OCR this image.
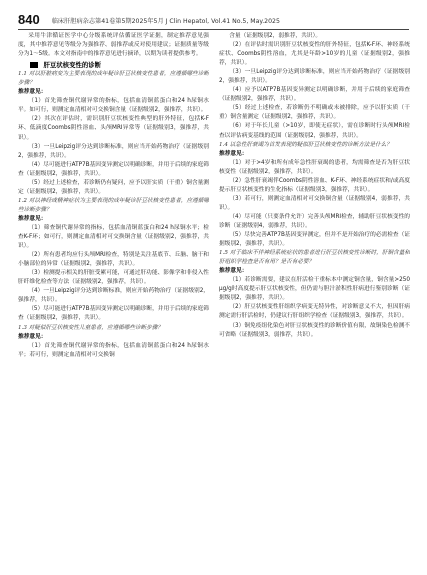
840 临床肝胆病杂志第41卷第5期2025年5月 J Clin Hepatol, Vol.41 No.5, May.2025

采用牛津循证医学中心分级系统评估循证医学证据，制定推荐意见强度，其中推荐意见等级分为强推荐、弱推荐或反对使用建议；证据质量等级分为1～5级。本文对指南中的推荐意见进行摘译，以期为读者提供参考。

肝豆状核变性的诊断

1.1 对以肝脏病变为主要表现的成年疑诊肝豆状核变性患者，应遵循哪些诊断步骤？

推荐意见：

（1）首先筛查铜代谢异常的指标，包括血清铜蓝蛋白和24 h尿铜水平。如可行，则测定血清相对可交换铜含量（证据级别2，强推荐，共识）。

（2）其次在评估时，需识别肝豆状核变性典型的肝外特征，包括K-F环、低滴度Coombs阴性溶血、头颅MRI异常等（证据级别3，强推荐，共识）。

（3）一旦Leipzig评分达到诊断标准，则应当开始药物治疗（证据级别2，强推荐，共识）。

（4）尽可能进行ATP7B基因变异测定以明确诊断，并用于后续的家庭筛查（证据级别2，强推荐，共识）。

（5）经过上述检查，若诊断仍有疑问，应予以肝实质（干重）铜含量测定（证据级别2，强推荐，共识）。

1.2 对以神经或精神症状为主要表现的成年疑诊肝豆状核变性患者，应遵循哪些诊断步骤？

推荐意见：

（1）筛查铜代谢异常的指标，包括血清铜蓝蛋白和24 h尿铜水平；检查K-F环；如可行，则测定血清相对可交换铜含量（证据级别2，强推荐，共识）。

（2）所有患者均应行头颅MRI检查，特别是关注基底节、丘脑、脑干和小脑部位的异常（证据级别2，强推荐，共识）。

（3）检测提示相关的肝脏受累可能，可通过肝功能、影像学和非侵入性肝纤维化检查等方法（证据级别2，强推荐，共识）。

（4）一旦Leipzig评分达到诊断标准，则应开始药物治疗（证据级别2，强推荐，共识）。

（5）尽可能进行ATP7B基因变异测定以明确诊断，并用于后续的家庭筛查（证据级别2，强推荐，共识）。

1.3 对疑似肝豆状核变性儿童患者，应遵循哪些诊断步骤？

推荐意见：

（1）首先筛查铜代谢异常的指标，包括血清铜蓝蛋白和24 h尿铜水平；若可行，则测定血清相对可交换铜

含量（证据级别2，弱推荐，共识）。

（2）在评估时需识别肝豆状核变性的肝外特征，包括K-F环、神经系统症状、Coombs阴性溶血，尤其是年龄>10岁的儿童（证据级别2，强推荐，共识）。

（3）一旦Leipzig评分达到诊断标准，则应当开始药物治疗（证据级别2，强推荐，共识）。

（4）应予以ATP7B基因变异测定以明确诊断，并用于后续的家庭筛查（证据级别2，强推荐，共识）。

（5）经过上述检查，若诊断仍不明确或未被排除，应予以肝实质（干重）铜含量测定（证据级别2，强推荐，共识）。

（6）对于年长儿童（>10岁，即使无症状），需在诊断时行头颅MRI检查以评估病变基线的范围（证据级别2，强推荐，共识）。

1.4 以急性肝衰竭为首发表现的疑似肝豆状核变性的诊断方法是什么？

推荐意见：

（1）对于>4岁和所有成年急性肝衰竭的患者，均需筛查是否为肝豆状核变性（证据级别2，强推荐，共识）。

（2）急性肝衰竭伴Coombs阴性溶血、K-F环、神经系统症状和/或高度提示肝豆状核变性的生化指标（证据级别3，强推荐，共识）。

（3）若可行，则测定血清相对可交换铜含量（证据级别4，弱推荐，共识）。

（4）尽可能（只要条件允许）完善头颅MRI检查，辅助肝豆状核变性的诊断（证据级别4，弱推荐，共识）。

（5）尽快完善ATP7B基因变异测定，但并不是开始治疗的必需检查（证据级别2，强推荐，共识）。

1.5 对于临床不伴神经系统症状的患者进行肝豆状核变性诊断时，肝铜含量和肝组织学检查是否有用？是否有必要？

推荐意见：

（1）若诊断需要，建议在肝活检干重标本中测定铜含量，铜含量>250 μg/g时高度提示肝豆状核变性，但仍需与胆汁淤积性肝病进行鉴别诊断（证据级别2，强推荐，共识）。

（2）肝豆状核变性肝组织学病变无特异性，对诊断意义不大，但因肝病测定需行肝活检时，仍建议行肝组织学检查（证据级别3，强推荐，共识）。

（3）铜免疫组化染色对肝豆状核变性的诊断价值有限，故铜染色检测不可省略（证据级别3，弱推荐，共识）。
